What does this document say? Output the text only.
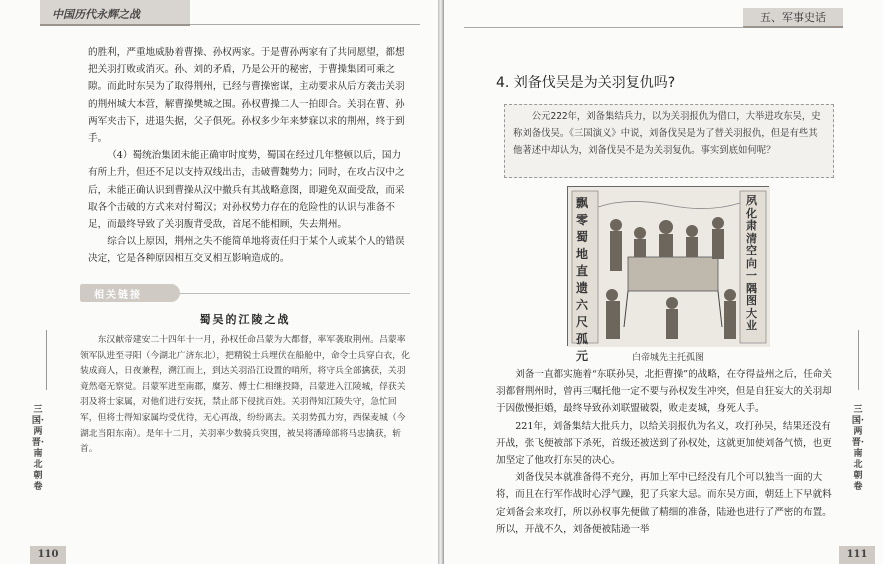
中国历代永辉之战

的胜利，严重地威胁着曹操、孙权两家。于是曹孙两家有了共同愿望，都想把关羽打败或消灭。孙、刘的矛盾，乃是公开的秘密，于曹操集团可乘之隙。而此时东吴为了取得荆州，已经与曹操密谋，主动要求从后方袭击关羽的荆州城大本营，解曹操樊城之围。孙权曹操二人一拍即合。关羽在曹、孙两军夹击下，进退失据，父子俱死。孙权多少年来梦寐以求的荆州，终于到手。

（4）蜀统治集团未能正确审时度势，蜀国在经过几年整顿以后，国力有所上升，但还不足以支持双线出击，击破曹魏势力；同时，在攻占汉中之后，未能正确认识到曹操从汉中撤兵有其战略意图，即避免双面受敌，而采取各个击破的方式来对付蜀汉；对孙权势力存在的危险性的认识与准备不足，而最终导致了关羽腹背受敌，首尾不能相顾，失去荆州。

综合以上原因，荆州之失不能简单地将责任归于某个人或某个人的错误决定，它是各种原因相互交叉相互影响造成的。

相关链接
蜀吴的江陵之战

东汉献帝建安二十四年十一月，孙权任命吕蒙为大都督，率军袭取荆州。吕蒙率领军队进至寻阳（今湖北广济东北），把精锐士兵埋伏在船舱中，命令士兵穿白衣，化装成商人，日夜兼程，溯江而上，到达关羽沿江设置的哨所，将守兵全部擒获，关羽竟然毫无察觉。吕蒙军进至南郡，糜芳、傅士仁相继投降，吕蒙进入江陵城，俘获关羽及将士家属，对他们进行安抚，禁止部下侵扰百姓。关羽得知江陵失守，急忙回军，但将士得知家属均受优待，无心再战，纷纷离去。关羽势孤力穷，西保麦城（今湖北当阳东南）。是年十二月，关羽率少数骑兵突围，被吴将潘璋部将马忠擒获，斩首。

三国·两晋·南北朝卷
110
五、军事史话
4. 刘备伐吴是为关羽复仇吗?

公元222年，刘备集结兵力，以为关羽报仇为借口，大举进攻东吴，史称刘备伐吴。《三国演义》中说，刘备伐吴是为了替关羽报仇，但是有些其他著述中却认为，刘备伐吴不是为关羽复仇。事实到底如何呢？

飘零蜀地直遗六尺孤元
夙化肃清空向一隅图大业
白帝城先主托孤图

刘备一直都实施着“东联孙吴，北拒曹操”的战略，在夺得益州之后，任命关羽都督荆州时，曾再三嘱托他一定不要与孙权发生冲突，但是自狂妄大的关羽却于因傲慢拒婚，最终导致孙刘联盟破裂，败走麦城，身死人手。

221年，刘备集结大批兵力，以给关羽报仇为名义，攻打孙吴，结果还没有开战，张飞便被部下杀死，首级还被送到了孙权处，这就更加使刘备气愤，也更加坚定了他攻打东吴的决心。

刘备伐吴本就准备得不充分，再加上军中已经没有几个可以独当一面的大将，而且在行军作战时心浮气躁，犯了兵家大忌。而东吴方面，朝廷上下早就料定刘备会来攻打，所以孙权事先便做了精细的准备，陆逊也进行了严密的布置。所以，开战不久，刘备便被陆逊一举

三国·两晋·南北朝卷
111
